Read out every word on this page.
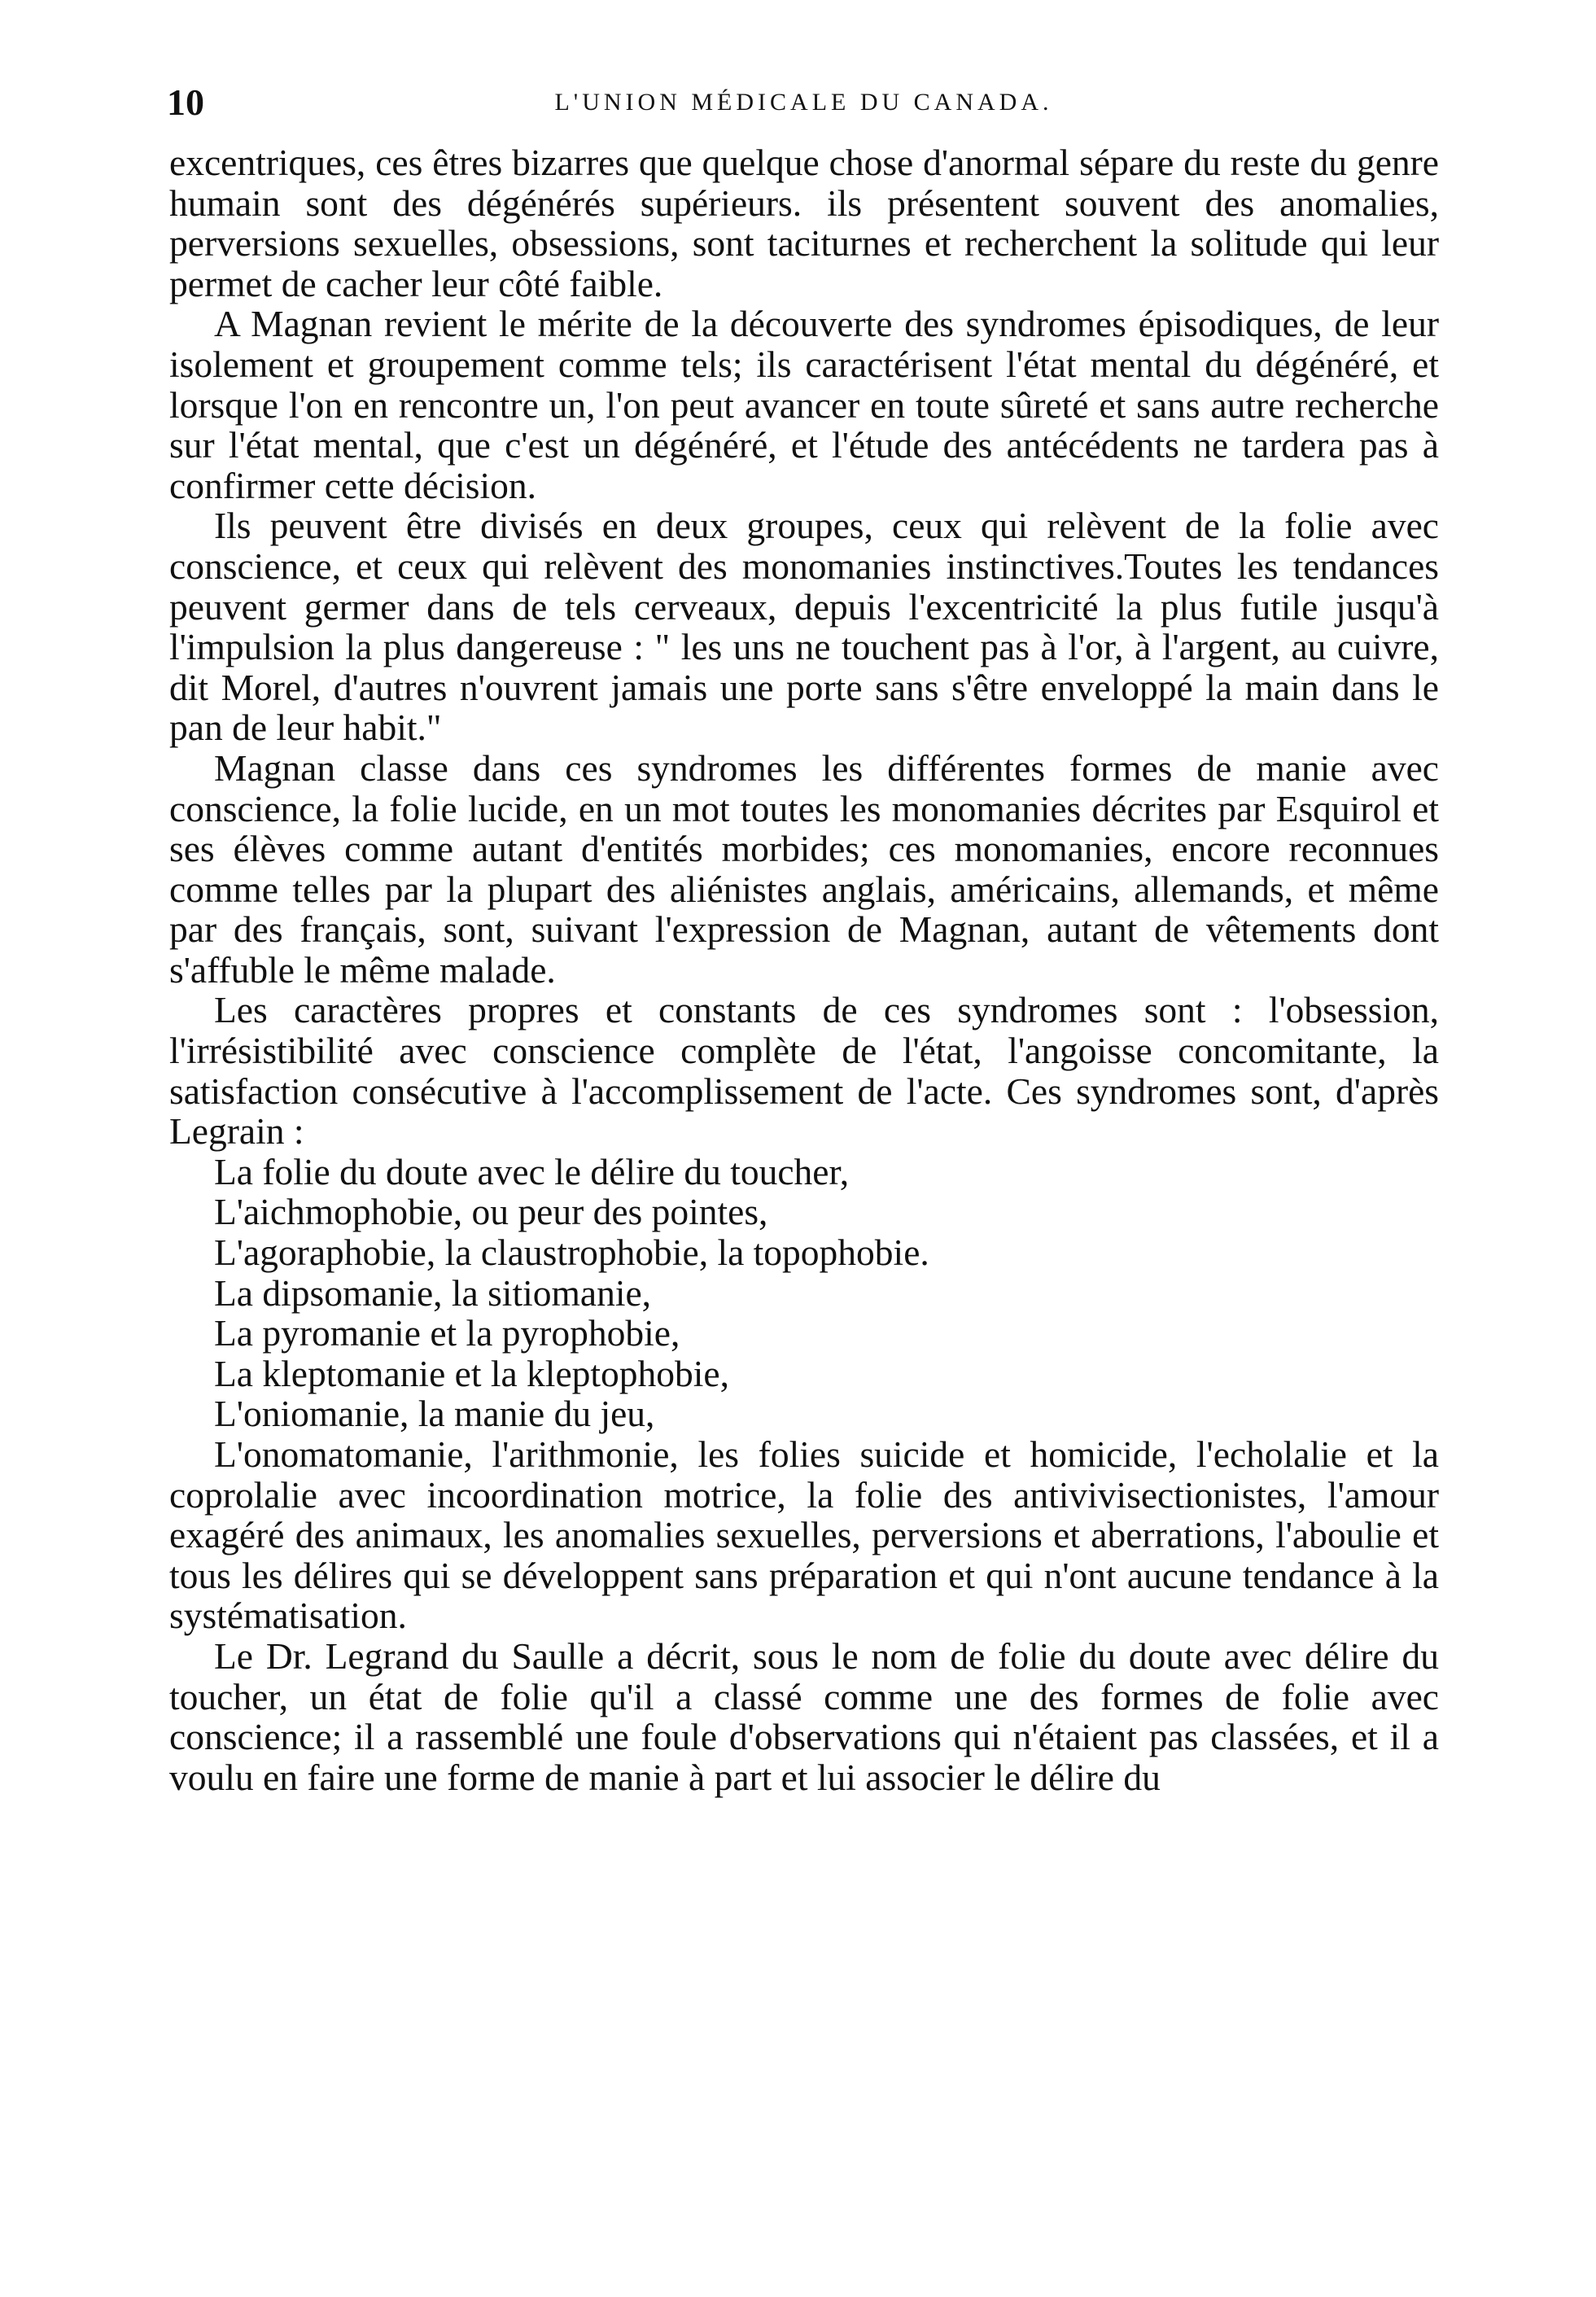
10	L'UNION MÉDICALE DU CANADA.

excentriques, ces êtres bizarres que quelque chose d'anormal sépare du reste du genre humain sont des dégénérés supérieurs. ils présentent souvent des anomalies, perversions sexuelles, obsessions, sont taciturnes et recherchent la solitude qui leur permet de cacher leur côté faible.

A Magnan revient le mérite de la découverte des syndromes épisodiques, de leur isolement et groupement comme tels; ils caractérisent l'état mental du dégénéré, et lorsque l'on en rencontre un, l'on peut avancer en toute sûreté et sans autre recherche sur l'état mental, que c'est un dégénéré, et l'étude des antécédents ne tardera pas à confirmer cette décision.

Ils peuvent être divisés en deux groupes, ceux qui relèvent de la folie avec conscience, et ceux qui relèvent des monomanies instinctives.Toutes les tendances peuvent germer dans de tels cerveaux, depuis l'excentricité la plus futile jusqu'à l'impulsion la plus dangereuse : " les uns ne touchent pas à l'or, à l'argent, au cuivre, dit Morel, d'autres n'ouvrent jamais une porte sans s'être enveloppé la main dans le pan de leur habit."

Magnan classe dans ces syndromes les différentes formes de manie avec conscience, la folie lucide, en un mot toutes les monomanies décrites par Esquirol et ses élèves comme autant d'entités morbides; ces monomanies, encore reconnues comme telles par la plupart des aliénistes anglais, américains, allemands, et même par des français, sont, suivant l'expression de Magnan, autant de vêtements dont s'affuble le même malade.

Les caractères propres et constants de ces syndromes sont : l'obsession, l'irrésistibilité avec conscience complète de l'état, l'angoisse concomitante, la satisfaction consécutive à l'accomplissement de l'acte. Ces syndromes sont, d'après Legrain :

La folie du doute avec le délire du toucher,
L'aichmophobie, ou peur des pointes,
L'agoraphobie, la claustrophobie, la topophobie.
La dipsomanie, la sitiomanie,
La pyromanie et la pyrophobie,
La kleptomanie et la kleptophobie,
L'oniomanie, la manie du jeu,

L'onomatomanie, l'arithmonie, les folies suicide et homicide, l'echolalie et la coprolalie avec incoordination motrice, la folie des antivivisectionistes, l'amour exagéré des animaux, les anomalies sexuelles, perversions et aberrations, l'aboulie et tous les délires qui se développent sans préparation et qui n'ont aucune tendance à la systématisation.

Le Dr. Legrand du Saulle a décrit, sous le nom de folie du doute avec délire du toucher, un état de folie qu'il a classé comme une des formes de folie avec conscience; il a rassemblé une foule d'observations qui n'étaient pas classées, et il a voulu en faire une forme de manie à part et lui associer le délire du
